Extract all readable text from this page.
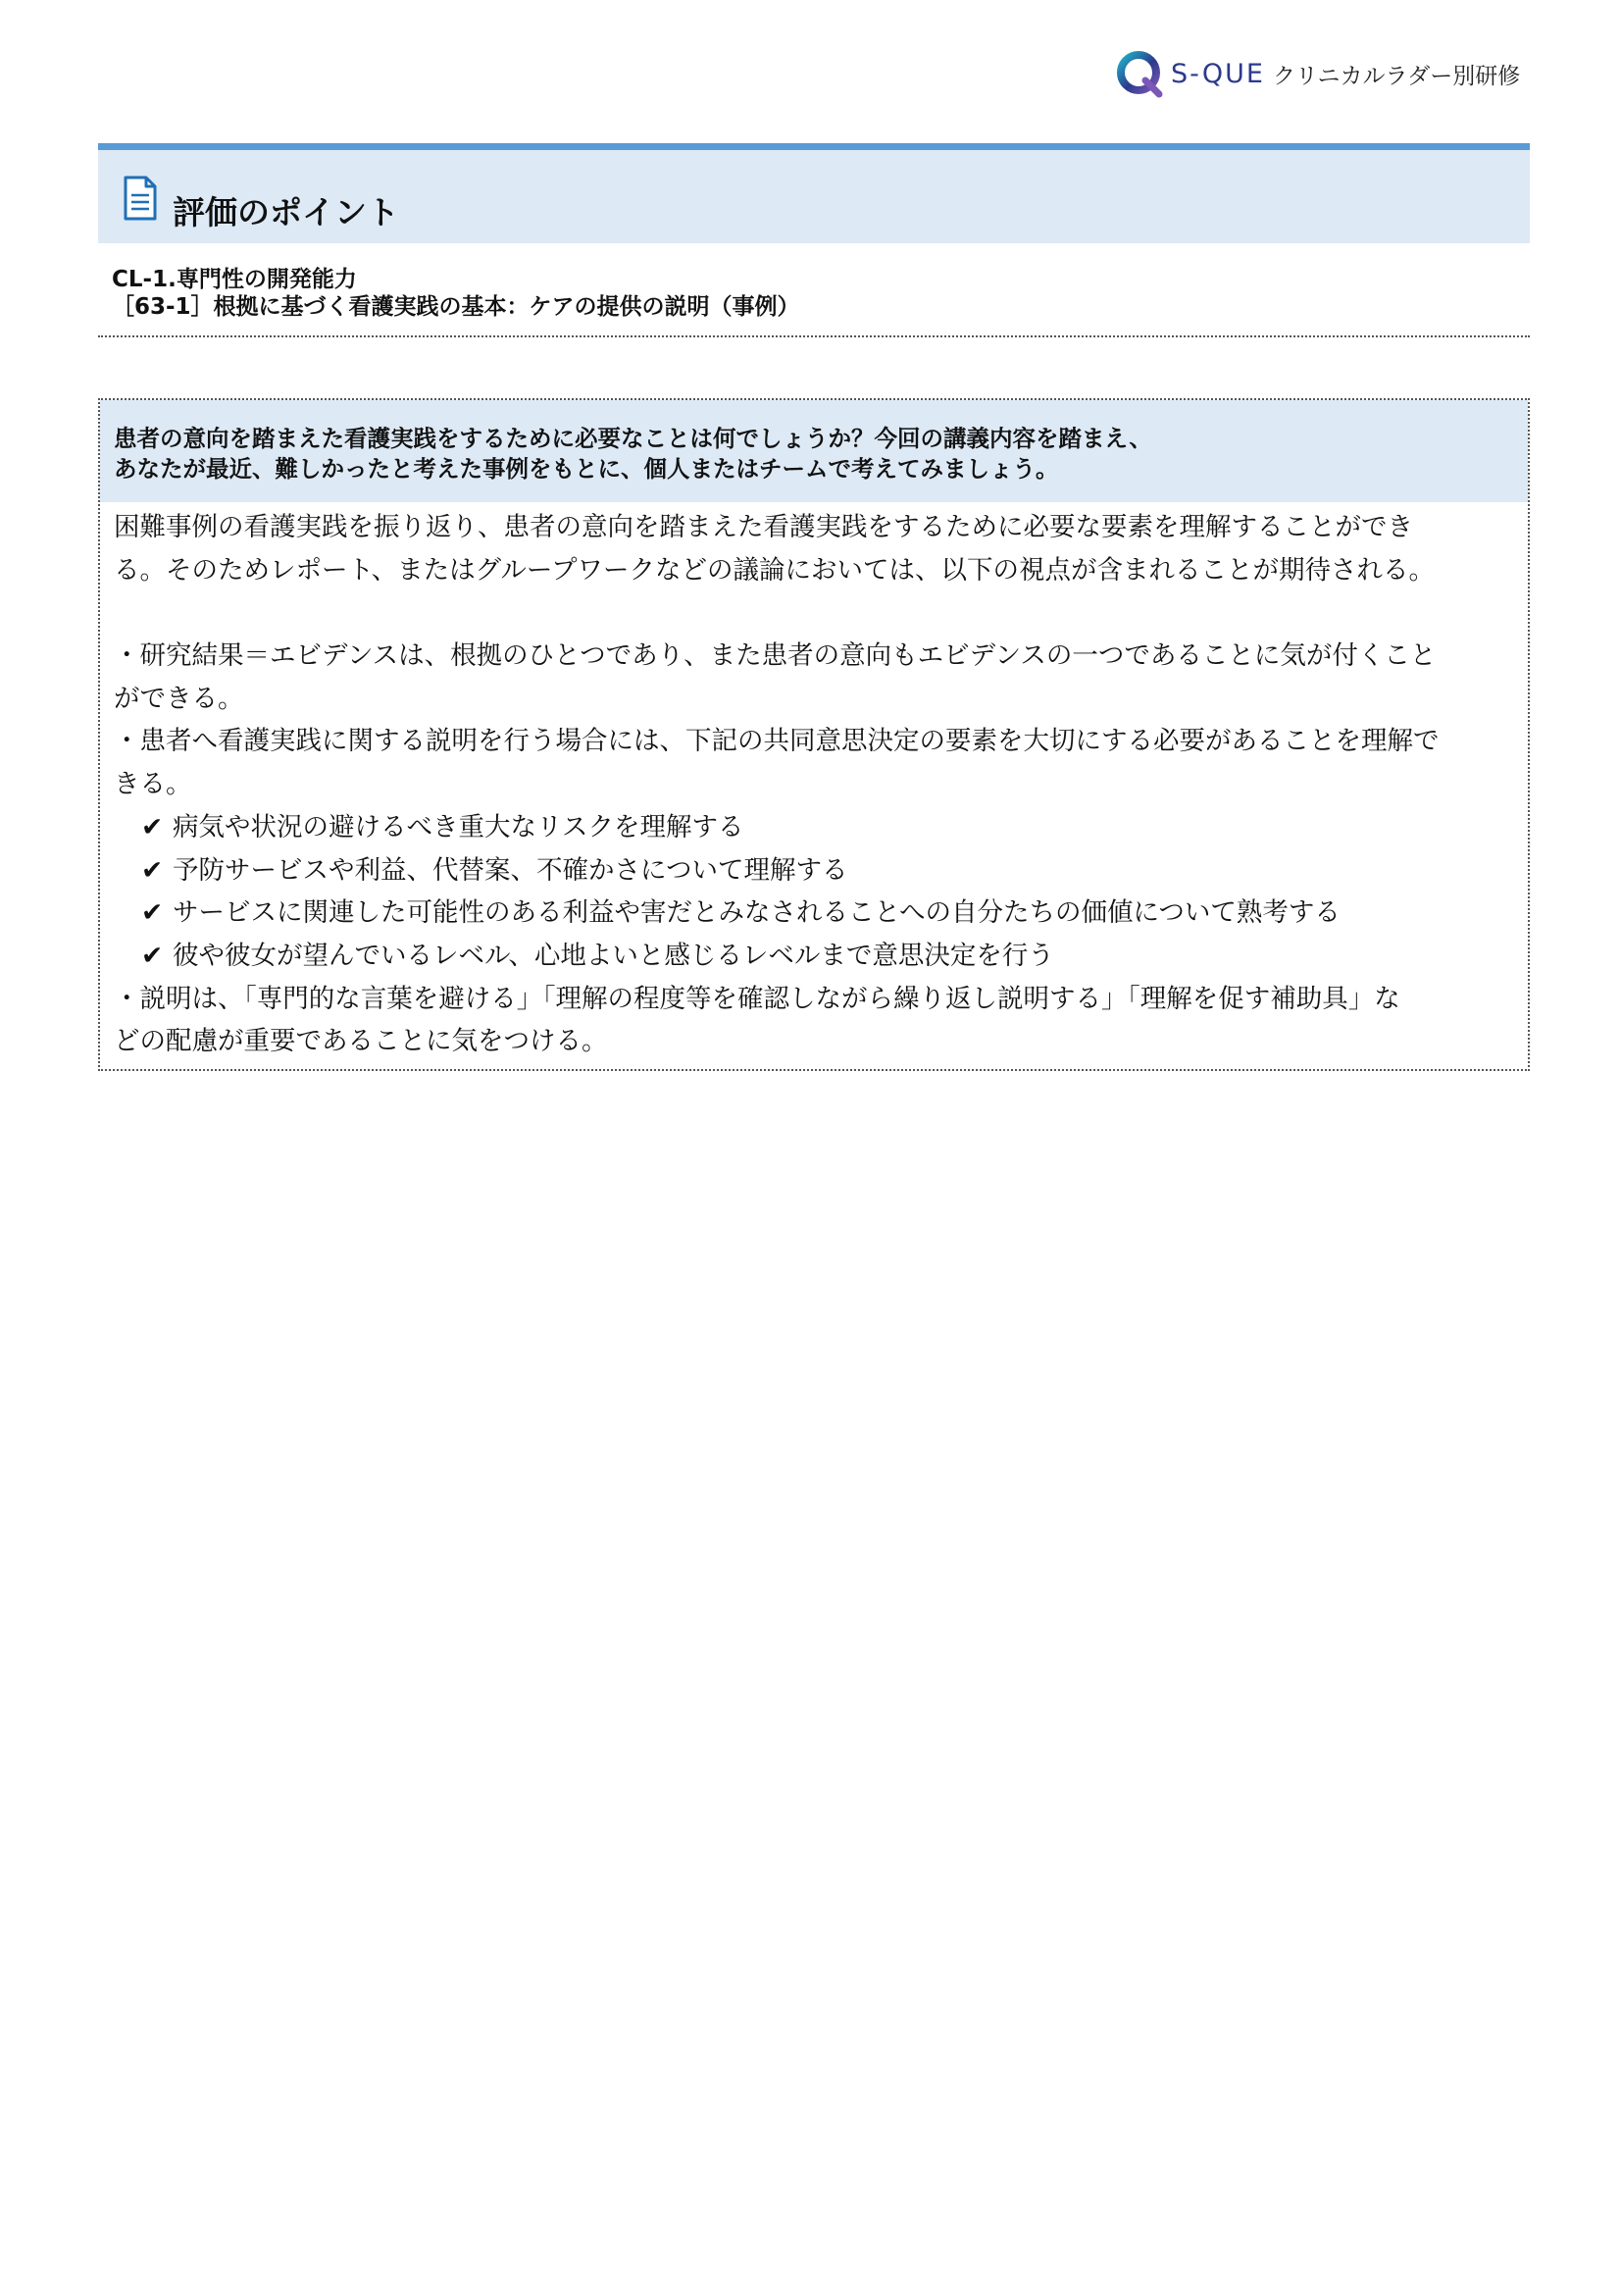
S-QUE クリニカルラダー別研修
評価のポイント
CL-1.専門性の開発能力
［63-1］根拠に基づく看護実践の基本：ケアの提供の説明（事例）
患者の意向を踏まえた看護実践をするために必要なことは何でしょうか？今回の講義内容を踏まえ、
あなたが最近、難しかったと考えた事例をもとに、個人またはチームで考えてみましょう。
困難事例の看護実践を振り返り、患者の意向を踏まえた看護実践をするために必要な要素を理解することができ
る。そのためレポート、またはグループワークなどの議論においては、以下の視点が含まれることが期待される。
・研究結果＝エビデンスは、根拠のひとつであり、また患者の意向もエビデンスの一つであることに気が付くこと
ができる。
・患者へ看護実践に関する説明を行う場合には、下記の共同意思決定の要素を大切にする必要があることを理解で
きる。
✔ 病気や状況の避けるべき重大なリスクを理解する
✔ 予防サービスや利益、代替案、不確かさについて理解する
✔ サービスに関連した可能性のある利益や害だとみなされることへの自分たちの価値について熟考する
✔ 彼や彼女が望んでいるレベル、心地よいと感じるレベルまで意思決定を行う
・説明は、「専門的な言葉を避ける」「理解の程度等を確認しながら繰り返し説明する」「理解を促す補助具」な
どの配慮が重要であることに気をつける。
